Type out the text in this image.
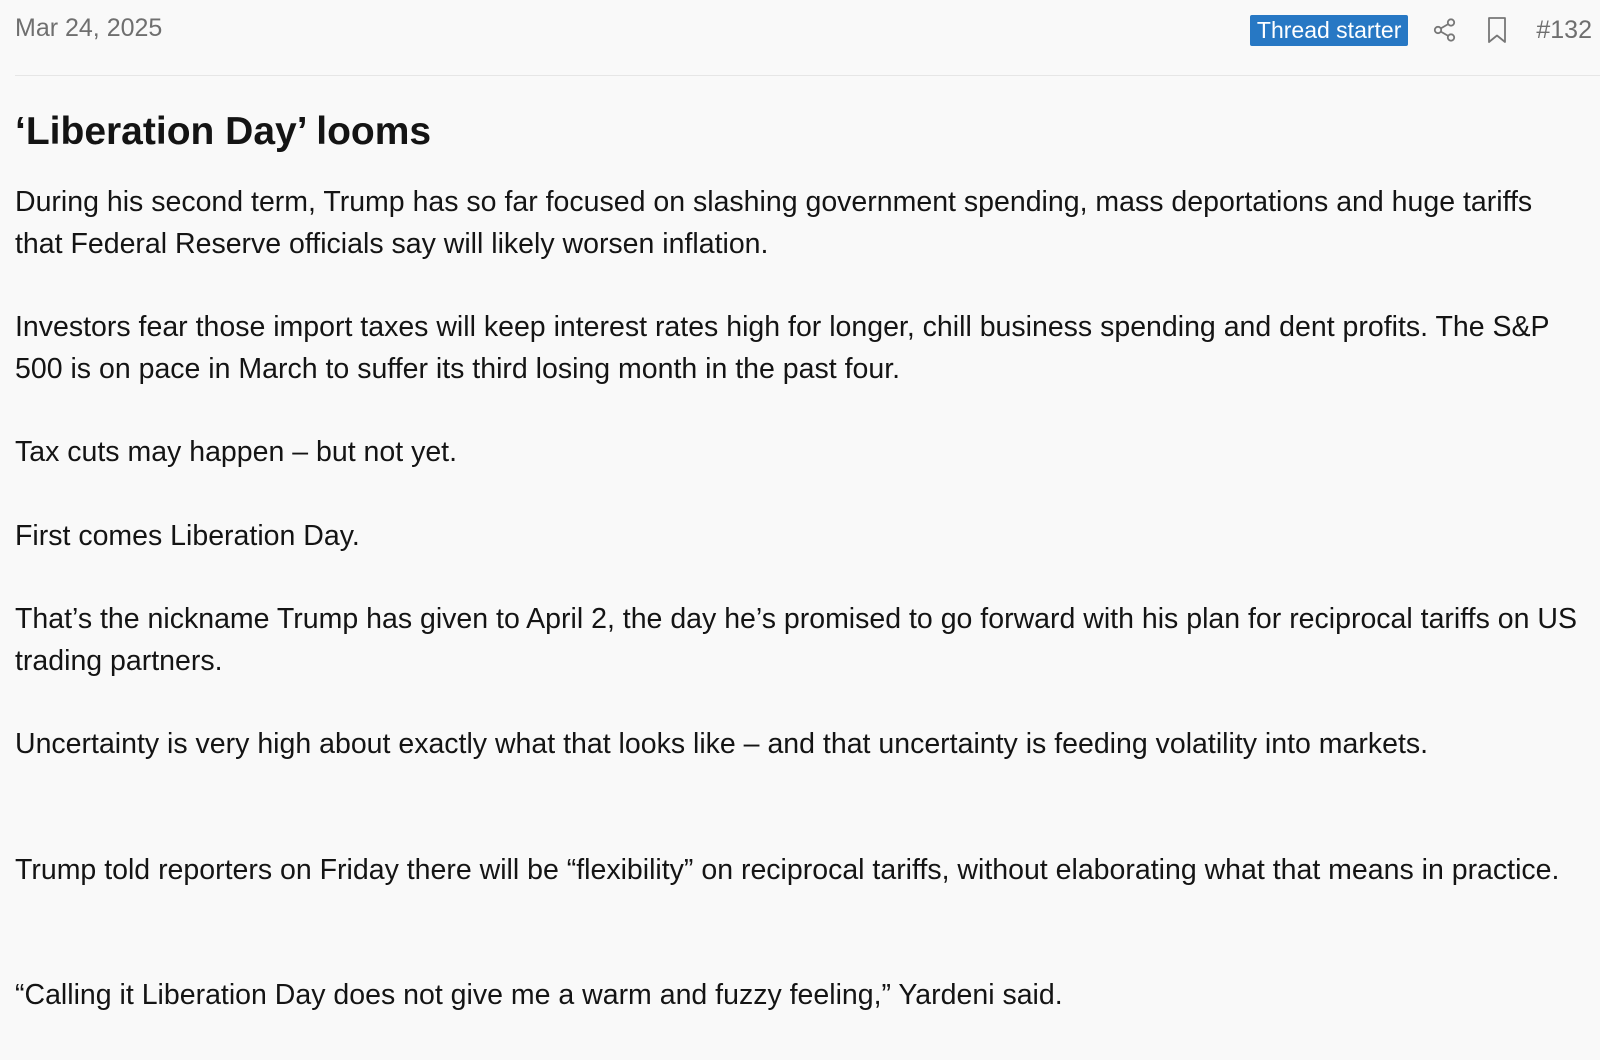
Mar 24, 2025	Thread starter	#132
‘Liberation Day’ looms

During his second term, Trump has so far focused on slashing government spending, mass deportations and huge tariffs that Federal Reserve officials say will likely worsen inflation.

Investors fear those import taxes will keep interest rates high for longer, chill business spending and dent profits. The S&P 500 is on pace in March to suffer its third losing month in the past four.

Tax cuts may happen – but not yet.

First comes Liberation Day.

That’s the nickname Trump has given to April 2, the day he’s promised to go forward with his plan for reciprocal tariffs on US trading partners.

Uncertainty is very high about exactly what that looks like – and that uncertainty is feeding volatility into markets.

Trump told reporters on Friday there will be “flexibility” on reciprocal tariffs, without elaborating what that means in practice.

“Calling it Liberation Day does not give me a warm and fuzzy feeling,” Yardeni said.
